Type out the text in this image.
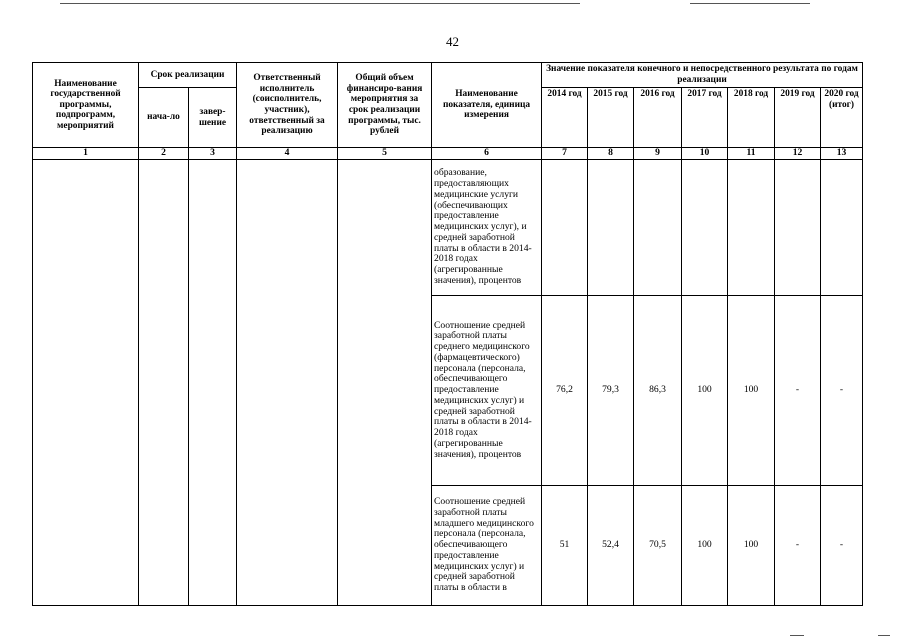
42
Наименование государственной программы, подпрограмм, мероприятий	Срок реализации		Ответственный исполнитель (соисполнитель, участник), ответственный за реализацию	Общий объем финансиро-вания мероприятия за срок реализации программы, тыс. рублей	Наименование показателя, единица измерения	Значение показателя конечного и непосредственного результата по годам реализации						
	нача-ло	завер-шение				2014 год	2015 год	2016 год	2017 год	2018 год	2019 год	2020 год (итог)
1	2	3	4	5	6	7	8	9	10	11	12	13
					образование, предоставляющих медицинские услуги (обеспечивающих предоставление медицинских услуг), и средней заработной платы в области в 2014-2018 годах (агрегированные значения), процентов							
					Соотношение средней заработной платы среднего медицинского (фармацевтического) персонала (персонала, обеспечивающего предоставление медицинских услуг) и средней заработной платы в области в 2014-2018 годах (агрегированные значения), процентов	76,2	79,3	86,3	100	100	-	-
					Соотношение средней заработной платы младшего медицинского персонала (персонала, обеспечивающего предоставление медицинских услуг) и средней заработной платы в области в	51	52,4	70,5	100	100	-	-
